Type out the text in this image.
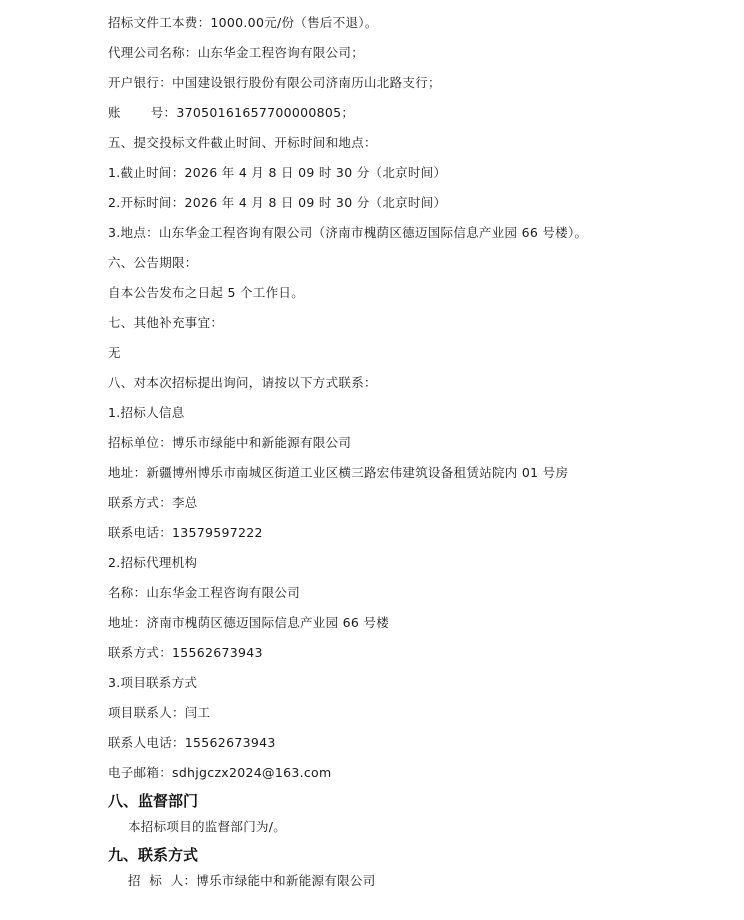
招标文件工本费：1000.00元/份（售后不退）。
代理公司名称：山东华金工程咨询有限公司；
开户银行：中国建设银行股份有限公司济南历山北路支行；
账       号：37050161657700000805；
五、提交投标文件截止时间、开标时间和地点：
1.截止时间：2026 年 4 月 8 日 09 时 30 分（北京时间）
2.开标时间：2026 年 4 月 8 日 09 时 30 分（北京时间）
3.地点：山东华金工程咨询有限公司（济南市槐荫区德迈国际信息产业园 66 号楼）。
六、公告期限：
自本公告发布之日起 5 个工作日。
七、其他补充事宜：
无
八、对本次招标提出询问，请按以下方式联系：
1.招标人信息
招标单位：博乐市绿能中和新能源有限公司
地址：新疆博州博乐市南城区街道工业区横三路宏伟建筑设备租赁站院内 01 号房
联系方式：李总
联系电话：13579597222
2.招标代理机构
名称：山东华金工程咨询有限公司
地址：济南市槐荫区德迈国际信息产业园 66 号楼
联系方式：15562673943
3.项目联系方式
项目联系人：闫工
联系人电话：15562673943
电子邮箱：sdhjgczx2024@163.com
八、监督部门
本招标项目的监督部门为/。
九、联系方式
招  标  人：博乐市绿能中和新能源有限公司
